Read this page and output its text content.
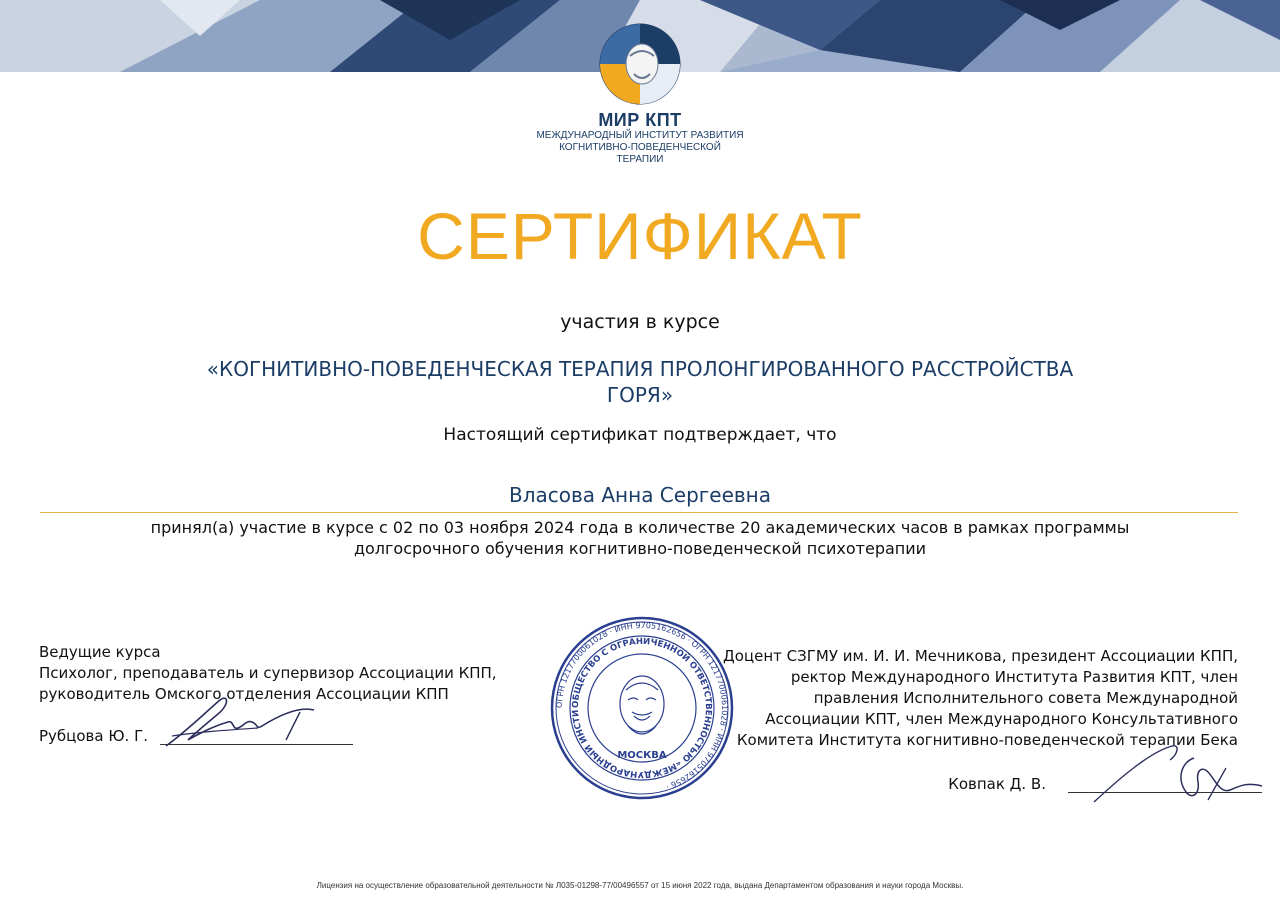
МИР КПТ
МЕЖДУНАРОДНЫЙ ИНСТИТУТ РАЗВИТИЯ
КОГНИТИВНО-ПОВЕДЕНЧЕСКОЙ
ТЕРАПИИ
СЕРТИФИКАТ
участия в курсе
«КОГНИТИВНО-ПОВЕДЕНЧЕСКАЯ ТЕРАПИЯ ПРОЛОНГИРОВАННОГО РАССТРОЙСТВА ГОРЯ»
Настоящий сертификат подтверждает, что
Власова Анна Сергеевна
принял(а) участие в курсе с 02 по 03 ноября 2024 года в количестве 20 академических часов в рамках программы долгосрочного обучения когнитивно-поведенческой психотерапии
Ведущие курса
Психолог, преподаватель и супервизор Ассоциации КПП,
руководитель Омского отделения Ассоциации КПП
Рубцова Ю. Г.
ОГРН 1217700061028 · ИНН 9705162656 · ОГРН 1217700061028 · ИНН 9705162656 ·
ОБЩЕСТВО С ОГРАНИЧЕННОЙ ОТВЕТСТВЕННОСТЬЮ «МЕЖДУНАРОДНЫЙ ИНСТИ
МОСКВА
Доцент СЗГМУ им. И. И. Мечникова, президент Ассоциации КПП,
ректор Международного Института Развития КПТ, член
правления Исполнительного совета Международной
Ассоциации КПТ, член Международного Консультативного
Комитета Института когнитивно-поведенческой терапии Бека
Ковпак Д. В.
Лицензия на осуществление образовательной деятельности № Л035-01298-77/00496557 от 15 июня 2022 года, выдана Департаментом образования и науки города Москвы.
